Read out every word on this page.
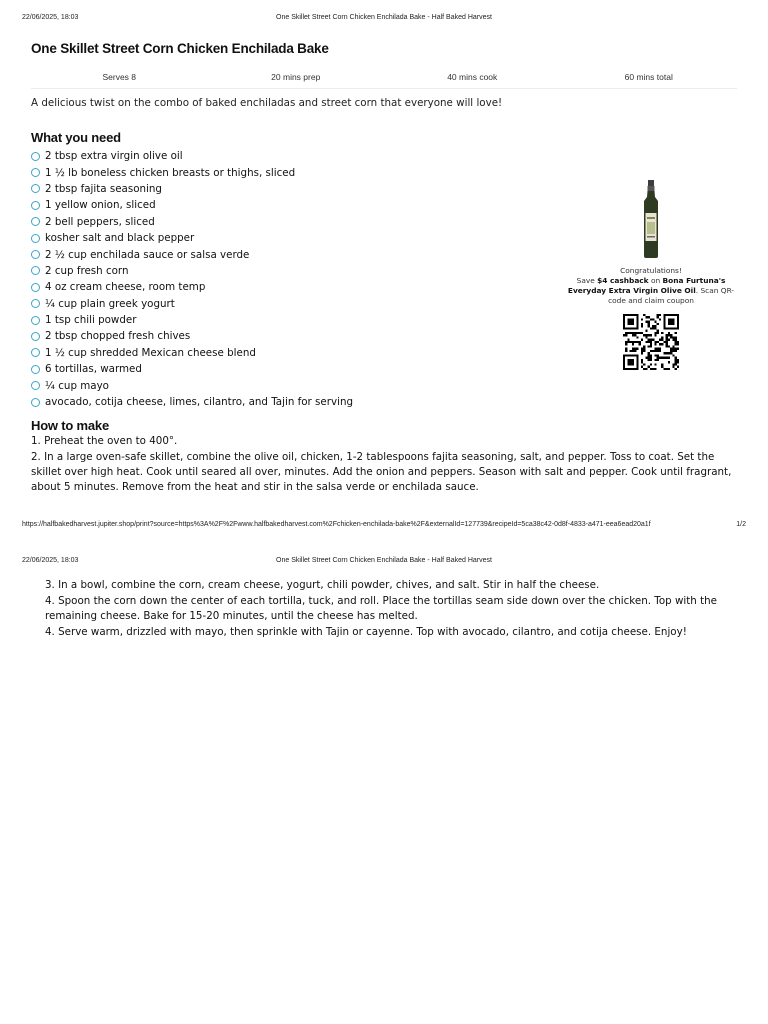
22/06/2025, 18:03	One Skillet Street Corn Chicken Enchilada Bake - Half Baked Harvest
One Skillet Street Corn Chicken Enchilada Bake
Serves 8	20 mins prep	40 mins cook	60 mins total
A delicious twist on the combo of baked enchiladas and street corn that everyone will love!
What you need
2 tbsp extra virgin olive oil
1 ½ lb boneless chicken breasts or thighs, sliced
2 tbsp fajita seasoning
1 yellow onion, sliced
2 bell peppers, sliced
kosher salt and black pepper
2 ½ cup enchilada sauce or salsa verde
2 cup fresh corn
4 oz cream cheese, room temp
¼ cup plain greek yogurt
1 tsp chili powder
2 tbsp chopped fresh chives
1 ½ cup shredded Mexican cheese blend
6 tortillas, warmed
¼ cup mayo
avocado, cotija cheese, limes, cilantro, and Tajin for serving
Congratulations!
Save $4 cashback on Bona Furtuna's Everyday Extra Virgin Olive Oil. Scan QR-code and claim coupon
How to make

1. Preheat the oven to 400°.

2. In a large oven-safe skillet, combine the olive oil, chicken, 1-2 tablespoons fajita seasoning, salt, and pepper. Toss to coat. Set the skillet over high heat. Cook until seared all over, minutes. Add the onion and peppers. Season with salt and pepper. Cook until fragrant, about 5 minutes. Remove from the heat and stir in the salsa verde or enchilada sauce.

https://halfbakedharvest.jupiter.shop/print?source=https%3A%2F%2Fwww.halfbakedharvest.com%2Fchicken-enchilada-bake%2F&externalId=127739&recipeId=5ca38c42-0d8f-4833-a471-eea6ead20a1f	1/2
22/06/2025, 18:03	One Skillet Street Corn Chicken Enchilada Bake - Half Baked Harvest

3. In a bowl, combine the corn, cream cheese, yogurt, chili powder, chives, and salt. Stir in half the cheese.

4. Spoon the corn down the center of each tortilla, tuck, and roll. Place the tortillas seam side down over the chicken. Top with the remaining cheese. Bake for 15-20 minutes, until the cheese has melted.

4. Serve warm, drizzled with mayo, then sprinkle with Tajin or cayenne. Top with avocado, cilantro, and cotija cheese. Enjoy!
